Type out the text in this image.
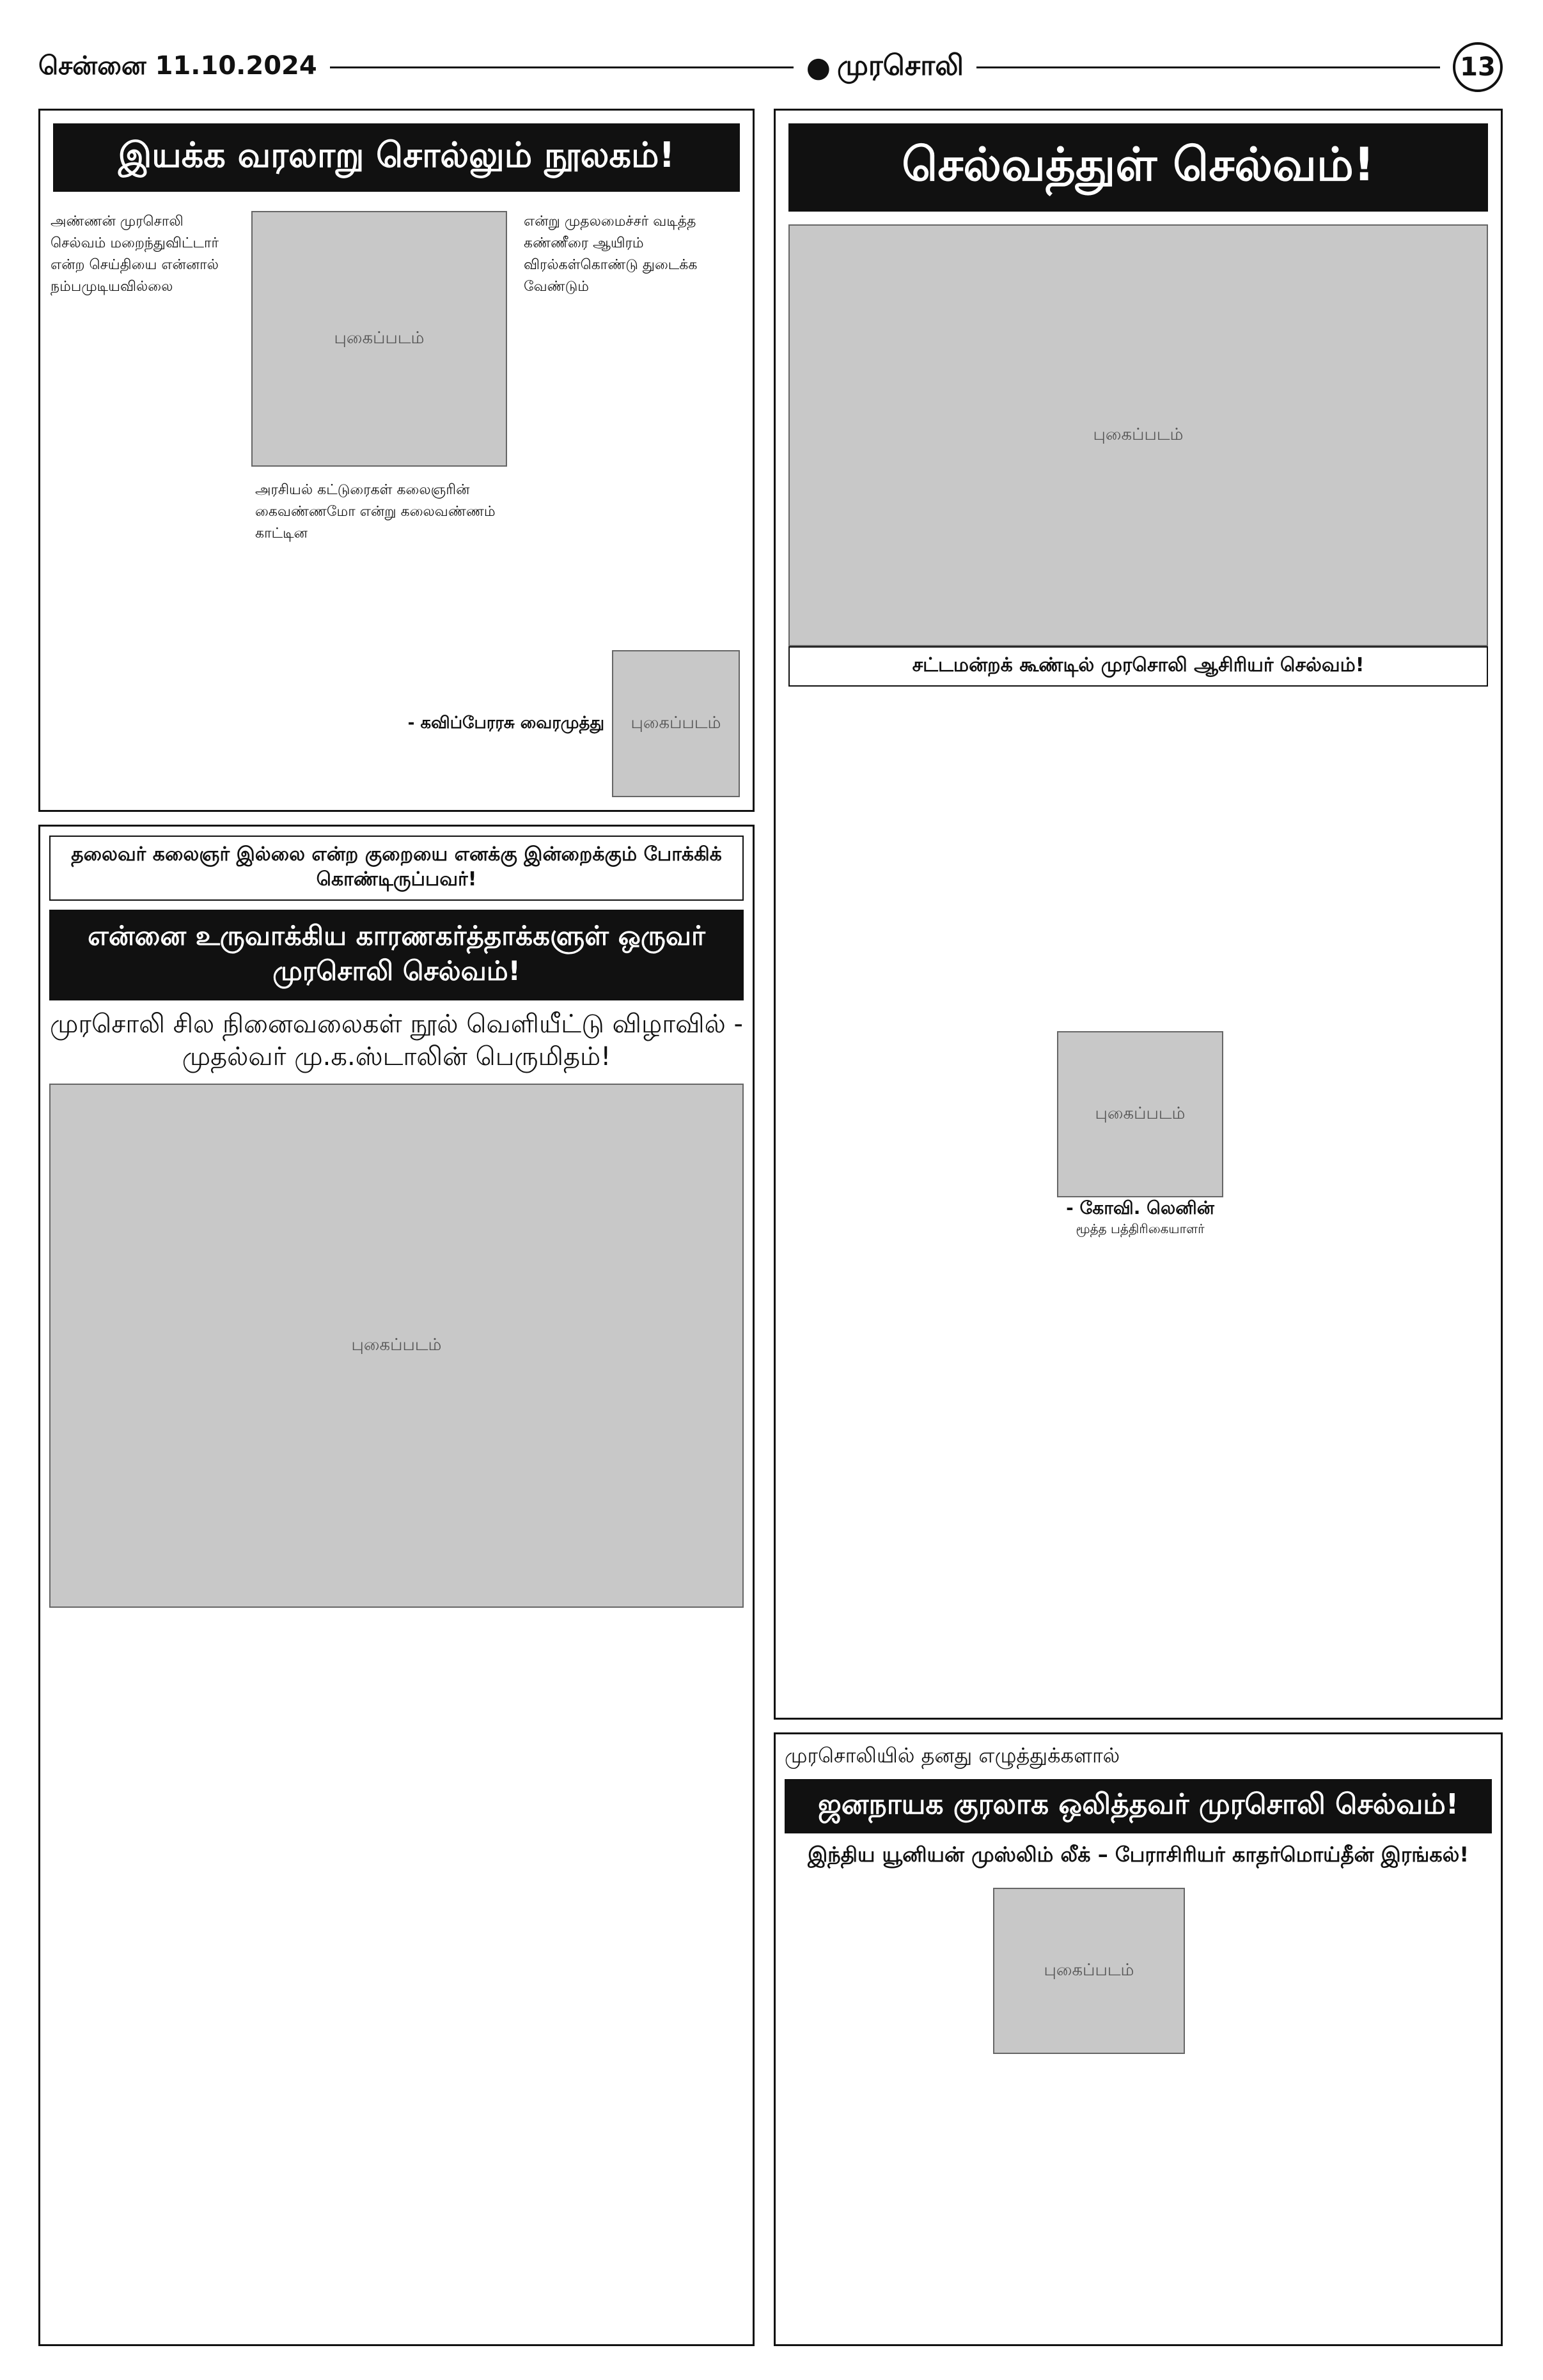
சென்னை 11.10.2024	● முரசொலி	13
இயக்க வரலாறு சொல்லும் நூலகம்!
அண்ணன் முரசொலி செல்வம் மறைந்துவிட்டார் என்ற செய்தியை என்னால் நம்பமுடியவில்லை
புகைப்படம்
அரசியல் கட்டுரைகள் கலைஞரின் கைவண்ணமோ என்று கலைவண்ணம் காட்டின
என்று முதலமைச்சர் வடித்த கண்ணீரை ஆயிரம் விரல்கள்கொண்டு துடைக்க வேண்டும்
- கவிப்பேரரசு வைரமுத்து	புகைப்படம்
செல்வத்துள் செல்வம்!
புகைப்படம்
சட்டமன்றக் கூண்டில் முரசொலி ஆசிரியர் செல்வம்!
புகைப்படம்
- கோவி. லெனின்
மூத்த பத்திரிகையாளர்
தலைவர் கலைஞர் இல்லை என்ற குறையை எனக்கு இன்றைக்கும் போக்கிக் கொண்டிருப்பவர்!
என்னை உருவாக்கிய காரணகர்த்தாக்களுள் ஒருவர் முரசொலி செல்வம்!
முரசொலி சில நினைவலைகள் நூல் வெளியீட்டு விழாவில் - முதல்வர் மு.க.ஸ்டாலின் பெருமிதம்!
புகைப்படம்
முரசொலியில் தனது எழுத்துக்களால்
ஜனநாயக குரலாக ஒலித்தவர் முரசொலி செல்வம்!
இந்திய யூனியன் முஸ்லிம் லீக் – பேராசிரியர் காதர்மொய்தீன் இரங்கல்!
புகைப்படம்
